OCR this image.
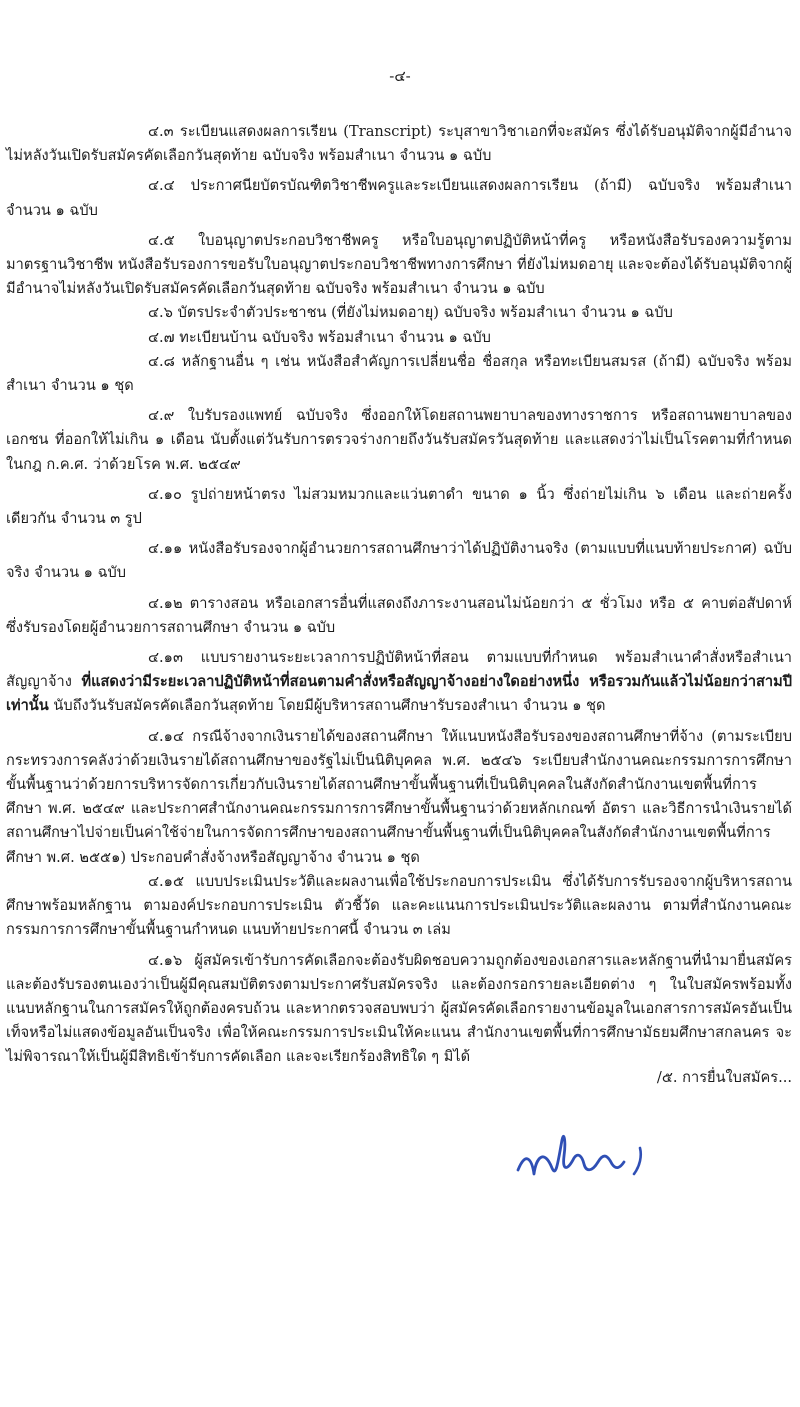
-๔-

๔.๓ ระเบียนแสดงผลการเรียน (Transcript) ระบุสาขาวิชาเอกที่จะสมัคร ซึ่งได้รับอนุมัติจากผู้มีอำนาจไม่หลังวันเปิดรับสมัครคัดเลือกวันสุดท้าย ฉบับจริง พร้อมสำเนา จำนวน ๑ ฉบับ

๔.๔ ประกาศนียบัตรบัณฑิตวิชาชีพครูและระเบียนแสดงผลการเรียน (ถ้ามี) ฉบับจริง พร้อมสำเนา จำนวน ๑ ฉบับ

๔.๕ ใบอนุญาตประกอบวิชาชีพครู หรือใบอนุญาตปฏิบัติหน้าที่ครู หรือหนังสือรับรองความรู้ตามมาตรฐานวิชาชีพ หนังสือรับรองการขอรับใบอนุญาตประกอบวิชาชีพทางการศึกษา ที่ยังไม่หมดอายุ และจะต้องได้รับอนุมัติจากผู้มีอำนาจไม่หลังวันเปิดรับสมัครคัดเลือกวันสุดท้าย ฉบับจริง พร้อมสำเนา จำนวน ๑ ฉบับ

๔.๖ บัตรประจำตัวประชาชน (ที่ยังไม่หมดอายุ) ฉบับจริง พร้อมสำเนา จำนวน ๑ ฉบับ

๔.๗ ทะเบียนบ้าน ฉบับจริง พร้อมสำเนา จำนวน ๑ ฉบับ

๔.๘ หลักฐานอื่น ๆ เช่น หนังสือสำคัญการเปลี่ยนชื่อ ชื่อสกุล หรือทะเบียนสมรส (ถ้ามี) ฉบับจริง พร้อมสำเนา จำนวน ๑ ชุด

๔.๙ ใบรับรองแพทย์ ฉบับจริง ซึ่งออกให้โดยสถานพยาบาลของทางราชการ หรือสถานพยาบาลของเอกชน ที่ออกให้ไม่เกิน ๑ เดือน นับตั้งแต่วันรับการตรวจร่างกายถึงวันรับสมัครวันสุดท้าย และแสดงว่าไม่เป็นโรคตามที่กำหนดในกฎ ก.ค.ศ. ว่าด้วยโรค พ.ศ. ๒๕๔๙

๔.๑๐ รูปถ่ายหน้าตรง ไม่สวมหมวกและแว่นตาดำ ขนาด ๑ นิ้ว ซึ่งถ่ายไม่เกิน ๖ เดือน และถ่ายครั้งเดียวกัน จำนวน ๓ รูป

๔.๑๑ หนังสือรับรองจากผู้อำนวยการสถานศึกษาว่าได้ปฏิบัติงานจริง (ตามแบบที่แนบท้ายประกาศ) ฉบับจริง จำนวน ๑ ฉบับ

๔.๑๒ ตารางสอน หรือเอกสารอื่นที่แสดงถึงภาระงานสอนไม่น้อยกว่า ๕ ชั่วโมง หรือ ๕ คาบต่อสัปดาห์ ซึ่งรับรองโดยผู้อำนวยการสถานศึกษา จำนวน ๑ ฉบับ

๔.๑๓ แบบรายงานระยะเวลาการปฏิบัติหน้าที่สอน ตามแบบที่กำหนด พร้อมสำเนาคำสั่งหรือสำเนาสัญญาจ้าง ที่แสดงว่ามีระยะเวลาปฏิบัติหน้าที่สอนตามคำสั่งหรือสัญญาจ้างอย่างใดอย่างหนึ่ง หรือรวมกันแล้วไม่น้อยกว่าสามปีเท่านั้น นับถึงวันรับสมัครคัดเลือกวันสุดท้าย โดยมีผู้บริหารสถานศึกษารับรองสำเนา จำนวน ๑ ชุด

๔.๑๔ กรณีจ้างจากเงินรายได้ของสถานศึกษา ให้แนบหนังสือรับรองของสถานศึกษาที่จ้าง (ตามระเบียบกระทรวงการคลังว่าด้วยเงินรายได้สถานศึกษาของรัฐไม่เป็นนิติบุคคล พ.ศ. ๒๕๔๖ ระเบียบสำนักงานคณะกรรมการการศึกษาขั้นพื้นฐานว่าด้วยการบริหารจัดการเกี่ยวกับเงินรายได้สถานศึกษาขั้นพื้นฐานที่เป็นนิติบุคคลในสังกัดสำนักงานเขตพื้นที่การศึกษา พ.ศ. ๒๕๔๙ และประกาศสำนักงานคณะกรรมการการศึกษาขั้นพื้นฐานว่าด้วยหลักเกณฑ์ อัตรา และวิธีการนำเงินรายได้สถานศึกษาไปจ่ายเป็นค่าใช้จ่ายในการจัดการศึกษาของสถานศึกษาขั้นพื้นฐานที่เป็นนิติบุคคลในสังกัดสำนักงานเขตพื้นที่การศึกษา พ.ศ. ๒๕๕๑) ประกอบคำสั่งจ้างหรือสัญญาจ้าง จำนวน ๑ ชุด

๔.๑๕ แบบประเมินประวัติและผลงานเพื่อใช้ประกอบการประเมิน ซึ่งได้รับการรับรองจากผู้บริหารสถานศึกษาพร้อมหลักฐาน ตามองค์ประกอบการประเมิน ตัวชี้วัด และคะแนนการประเมินประวัติและผลงาน ตามที่สำนักงานคณะกรรมการการศึกษาขั้นพื้นฐานกำหนด แนบท้ายประกาศนี้ จำนวน ๓ เล่ม

๔.๑๖ ผู้สมัครเข้ารับการคัดเลือกจะต้องรับผิดชอบความถูกต้องของเอกสารและหลักฐานที่นำมายื่นสมัครและต้องรับรองตนเองว่าเป็นผู้มีคุณสมบัติตรงตามประกาศรับสมัครจริง และต้องกรอกรายละเอียดต่าง ๆ ในใบสมัครพร้อมทั้งแนบหลักฐานในการสมัครให้ถูกต้องครบถ้วน และหากตรวจสอบพบว่า ผู้สมัครคัดเลือกรายงานข้อมูลในเอกสารการสมัครอันเป็นเท็จหรือไม่แสดงข้อมูลอันเป็นจริง เพื่อให้คณะกรรมการประเมินให้คะแนน สำนักงานเขตพื้นที่การศึกษามัธยมศึกษาสกลนคร จะไม่พิจารณาให้เป็นผู้มีสิทธิเข้ารับการคัดเลือก และจะเรียกร้องสิทธิใด ๆ มิได้

/๕. การยื่นใบสมัคร...
